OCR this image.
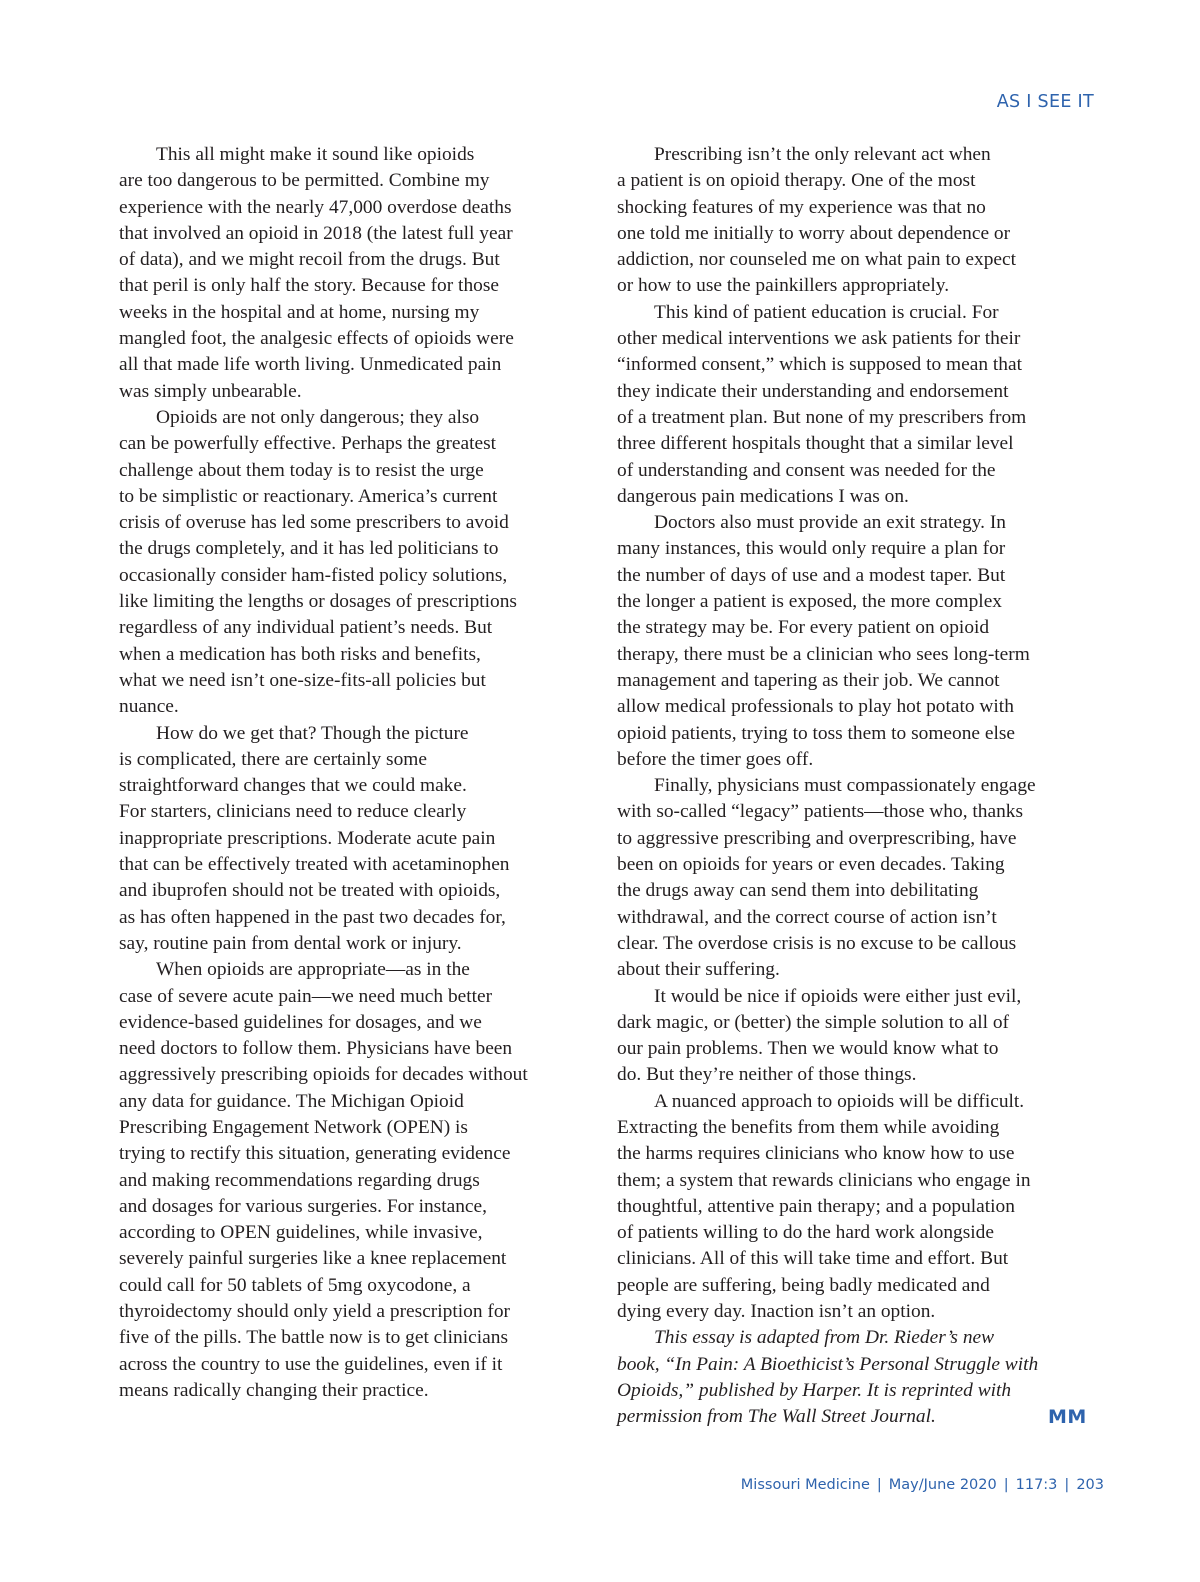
AS I SEE IT
This all might make it sound like opioids
are too dangerous to be permitted. Combine my
experience with the nearly 47,000 overdose deaths
that involved an opioid in 2018 (the latest full year
of data), and we might recoil from the drugs. But
that peril is only half the story. Because for those
weeks in the hospital and at home, nursing my
mangled foot, the analgesic effects of opioids were
all that made life worth living. Unmedicated pain
was simply unbearable.
Opioids are not only dangerous; they also
can be powerfully effective. Perhaps the greatest
challenge about them today is to resist the urge
to be simplistic or reactionary. America’s current
crisis of overuse has led some prescribers to avoid
the drugs completely, and it has led politicians to
occasionally consider ham-fisted policy solutions,
like limiting the lengths or dosages of prescriptions
regardless of any individual patient’s needs. But
when a medication has both risks and benefits,
what we need isn’t one-size-fits-all policies but
nuance.
How do we get that? Though the picture
is complicated, there are certainly some
straightforward changes that we could make.
For starters, clinicians need to reduce clearly
inappropriate prescriptions. Moderate acute pain
that can be effectively treated with acetaminophen
and ibuprofen should not be treated with opioids,
as has often happened in the past two decades for,
say, routine pain from dental work or injury.
When opioids are appropriate—as in the
case of severe acute pain—we need much better
evidence-based guidelines for dosages, and we
need doctors to follow them. Physicians have been
aggressively prescribing opioids for decades without
any data for guidance. The Michigan Opioid
Prescribing Engagement Network (OPEN) is
trying to rectify this situation, generating evidence
and making recommendations regarding drugs
and dosages for various surgeries. For instance,
according to OPEN guidelines, while invasive,
severely painful surgeries like a knee replacement
could call for 50 tablets of 5mg oxycodone, a
thyroidectomy should only yield a prescription for
five of the pills. The battle now is to get clinicians
across the country to use the guidelines, even if it
means radically changing their practice.
Prescribing isn’t the only relevant act when
a patient is on opioid therapy. One of the most
shocking features of my experience was that no
one told me initially to worry about dependence or
addiction, nor counseled me on what pain to expect
or how to use the painkillers appropriately.
This kind of patient education is crucial. For
other medical interventions we ask patients for their
“informed consent,” which is supposed to mean that
they indicate their understanding and endorsement
of a treatment plan. But none of my prescribers from
three different hospitals thought that a similar level
of understanding and consent was needed for the
dangerous pain medications I was on.
Doctors also must provide an exit strategy. In
many instances, this would only require a plan for
the number of days of use and a modest taper. But
the longer a patient is exposed, the more complex
the strategy may be. For every patient on opioid
therapy, there must be a clinician who sees long-term
management and tapering as their job. We cannot
allow medical professionals to play hot potato with
opioid patients, trying to toss them to someone else
before the timer goes off.
Finally, physicians must compassionately engage
with so-called “legacy” patients—those who, thanks
to aggressive prescribing and overprescribing, have
been on opioids for years or even decades. Taking
the drugs away can send them into debilitating
withdrawal, and the correct course of action isn’t
clear. The overdose crisis is no excuse to be callous
about their suffering.
It would be nice if opioids were either just evil,
dark magic, or (better) the simple solution to all of
our pain problems. Then we would know what to
do. But they’re neither of those things.
A nuanced approach to opioids will be difficult.
Extracting the benefits from them while avoiding
the harms requires clinicians who know how to use
them; a system that rewards clinicians who engage in
thoughtful, attentive pain therapy; and a population
of patients willing to do the hard work alongside
clinicians. All of this will take time and effort. But
people are suffering, being badly medicated and
dying every day. Inaction isn’t an option.
This essay is adapted from Dr. Rieder’s new
book, “In Pain: A Bioethicist’s Personal Struggle with
Opioids,” published by Harper. It is reprinted with
permission from The Wall Street Journal.	MM
Missouri Medicine | May/June 2020 | 117:3 | 203
